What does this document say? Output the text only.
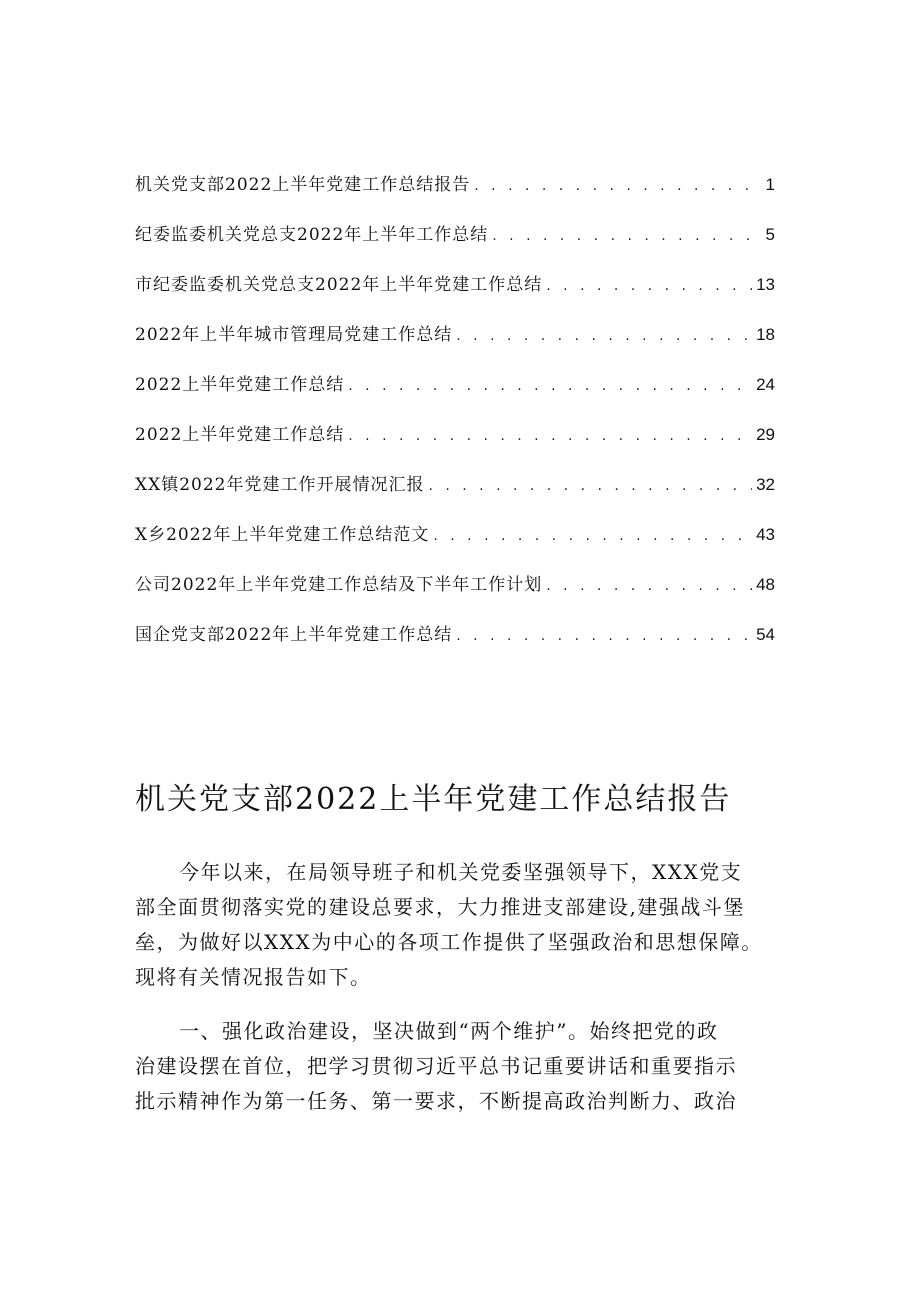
机关党支部2022上半年党建工作总结报告 . . .	1
纪委监委机关党总支2022年上半年工作总结 . . .	5
市纪委监委机关党总支2022年上半年党建工作总结 . . .	13
2022年上半年城市管理局党建工作总结 . . .	18
2022上半年党建工作总结 . . .	24
2022上半年党建工作总结 . . .	29
XX镇2022年党建工作开展情况汇报 . . .	32
X乡2022年上半年党建工作总结范文 . . .	43
公司2022年上半年党建工作总结及下半年工作计划 . . .	48
国企党支部2022年上半年党建工作总结 . . .	54
机关党支部2022上半年党建工作总结报告

今年以来，在局领导班子和机关党委坚强领导下，XXX党支
部全面贯彻落实党的建设总要求，大力推进支部建设,建强战斗堡
垒，为做好以XXX为中心的各项工作提供了坚强政治和思想保障。
现将有关情况报告如下。

一、强化政治建设，坚决做到“两个维护”。始终把党的政
治建设摆在首位，把学习贯彻习近平总书记重要讲话和重要指示
批示精神作为第一任务、第一要求，不断提高政治判断力、政治
